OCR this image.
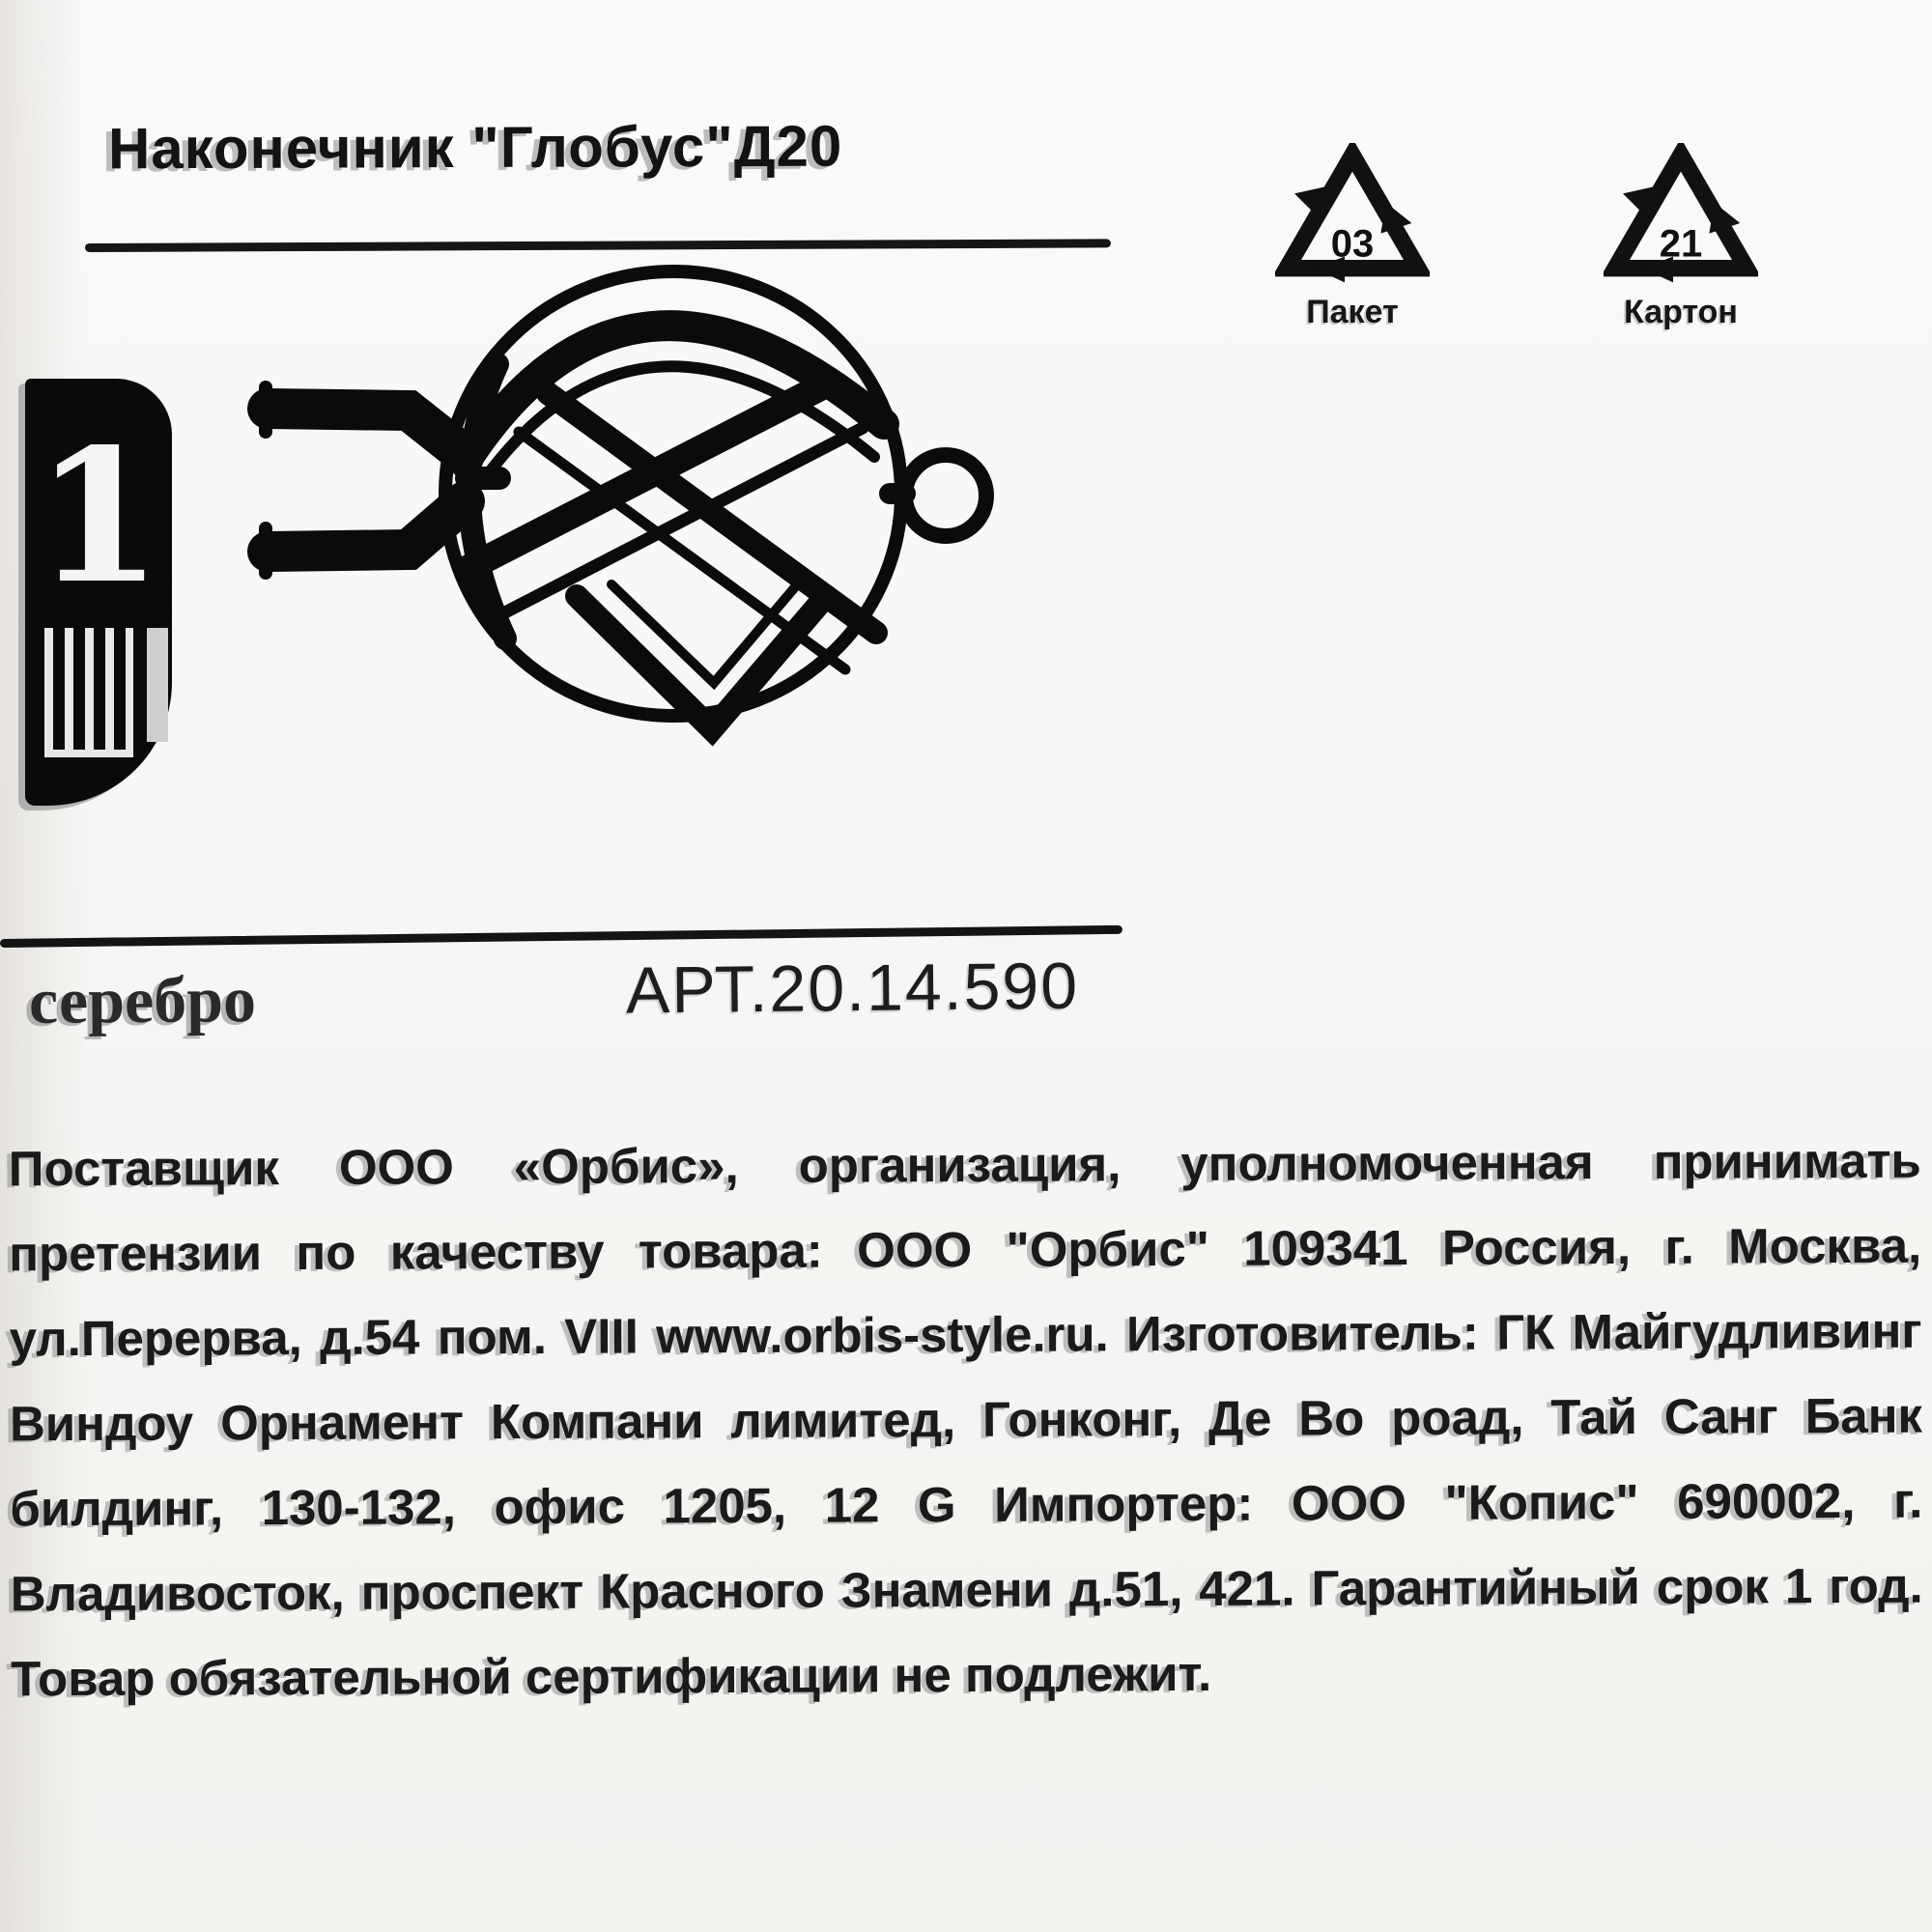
Наконечник "Глобус"Д20
03
Пакет
21
Картон
1
серебро	АРТ.20.14.590
Поставщик ООО «Орбис», организация, уполномоченная принимать
претензии по качеству товара: ООО "Орбис" 109341 Россия, г. Москва,
ул.Перерва, д.54 пом. VIII www.orbis-style.ru. Изготовитель: ГК Майгудливинг
Виндоу Орнамент Компани лимитед, Гонконг, Де Во роад, Тай Санг Банк
билдинг, 130-132, офис 1205, 12 G Импортер: ООО "Копис" 690002, г.
Владивосток, проспект Красного Знамени д.51, 421. Гарантийный срок 1 год.
Товар обязательной сертификации не подлежит.
